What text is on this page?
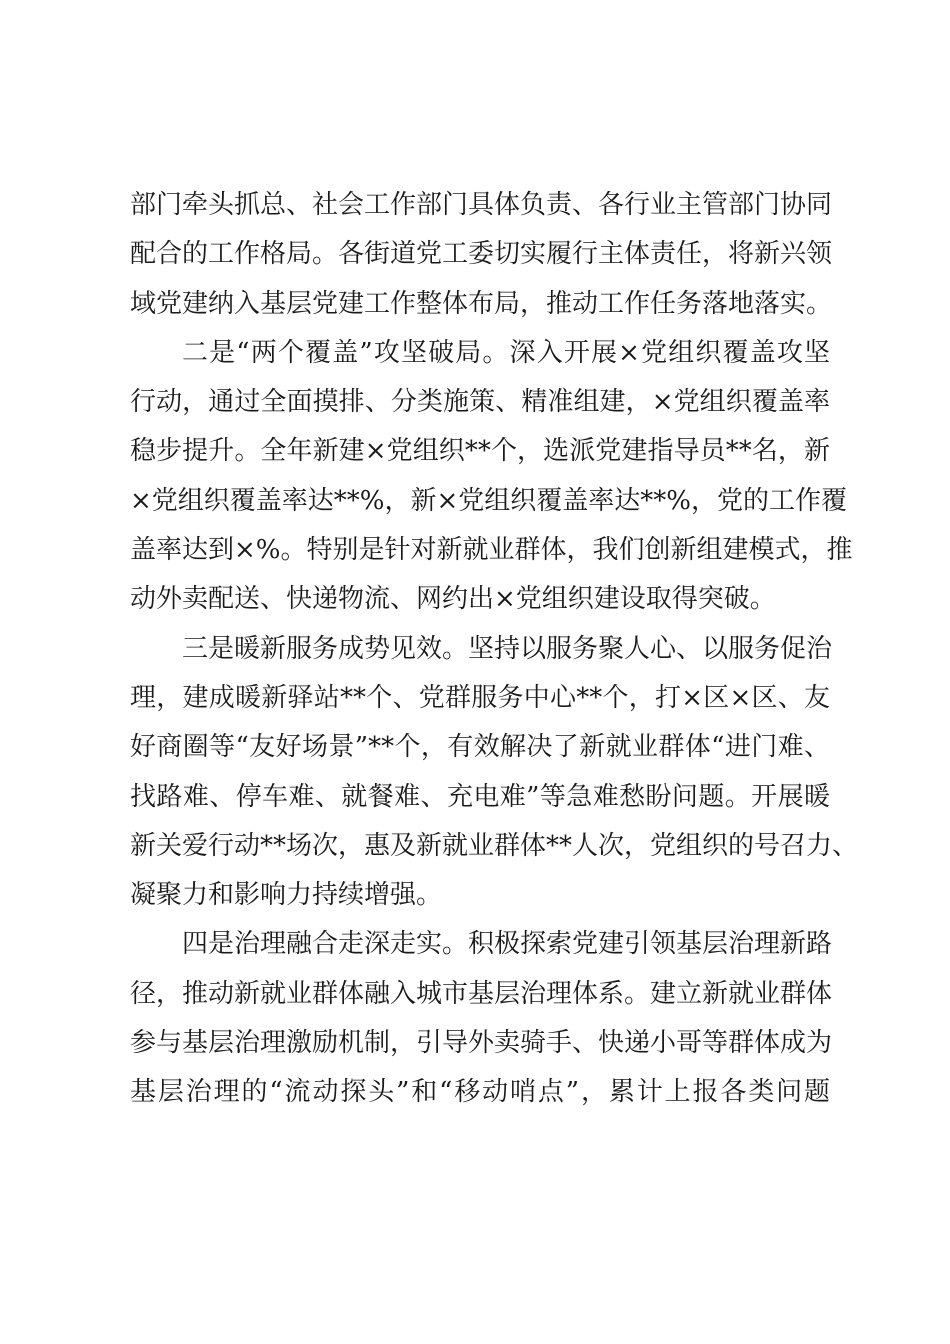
部门牵头抓总、社会工作部门具体负责、各行业主管部门协同
配合的工作格局。各街道党工委切实履行主体责任，将新兴领
域党建纳入基层党建工作整体布局，推动工作任务落地落实。
二是“两个覆盖”攻坚破局。深入开展×党组织覆盖攻坚
行动，通过全面摸排、分类施策、精准组建，×党组织覆盖率
稳步提升。全年新建×党组织**个，选派党建指导员**名，新
×党组织覆盖率达**%，新×党组织覆盖率达**%，党的工作覆
盖率达到×%。特别是针对新就业群体，我们创新组建模式，推
动外卖配送、快递物流、网约出×党组织建设取得突破。
三是暖新服务成势见效。坚持以服务聚人心、以服务促治
理，建成暖新驿站**个、党群服务中心**个，打×区×区、友
好商圈等“友好场景”**个，有效解决了新就业群体“进门难、
找路难、停车难、就餐难、充电难”等急难愁盼问题。开展暖
新关爱行动**场次，惠及新就业群体**人次，党组织的号召力、
凝聚力和影响力持续增强。
四是治理融合走深走实。积极探索党建引领基层治理新路
径，推动新就业群体融入城市基层治理体系。建立新就业群体
参与基层治理激励机制，引导外卖骑手、快递小哥等群体成为
基层治理的“流动探头”和“移动哨点”，累计上报各类问题
